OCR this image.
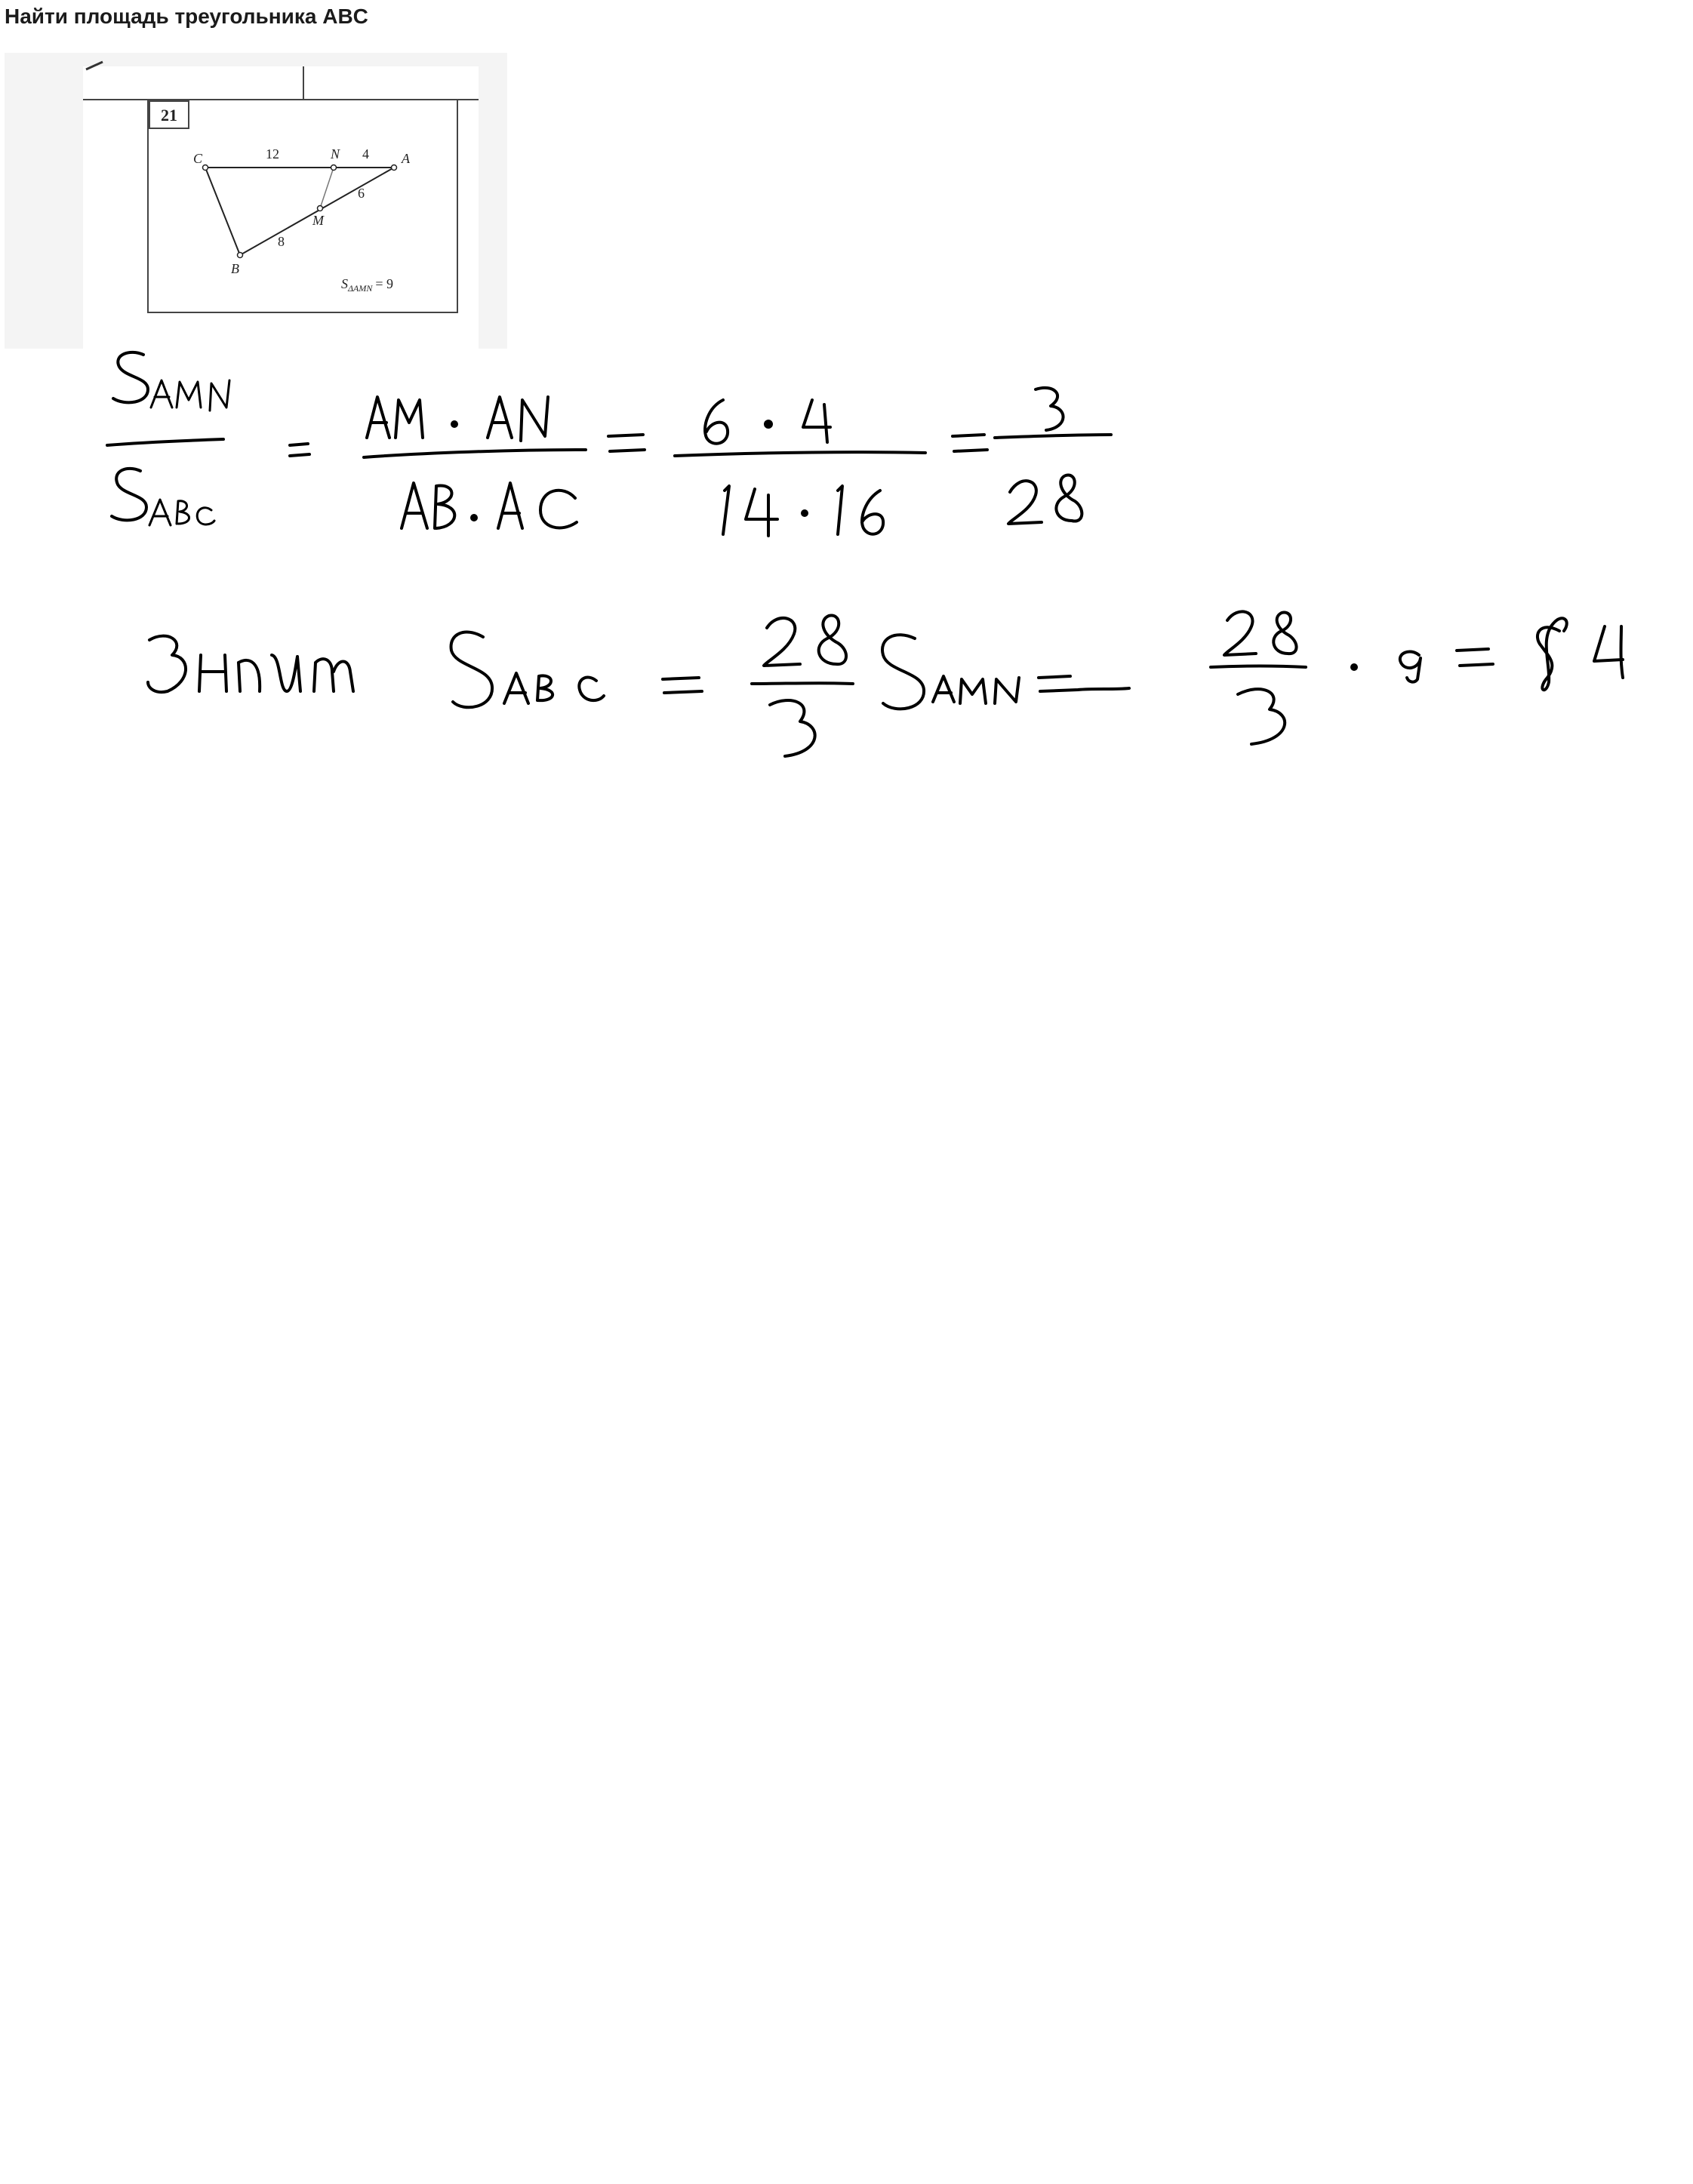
Найти площадь треугольника ABC
21
C	N	A
M
B
12	4
6
8
$S_{\Delta AMN} = 9$
